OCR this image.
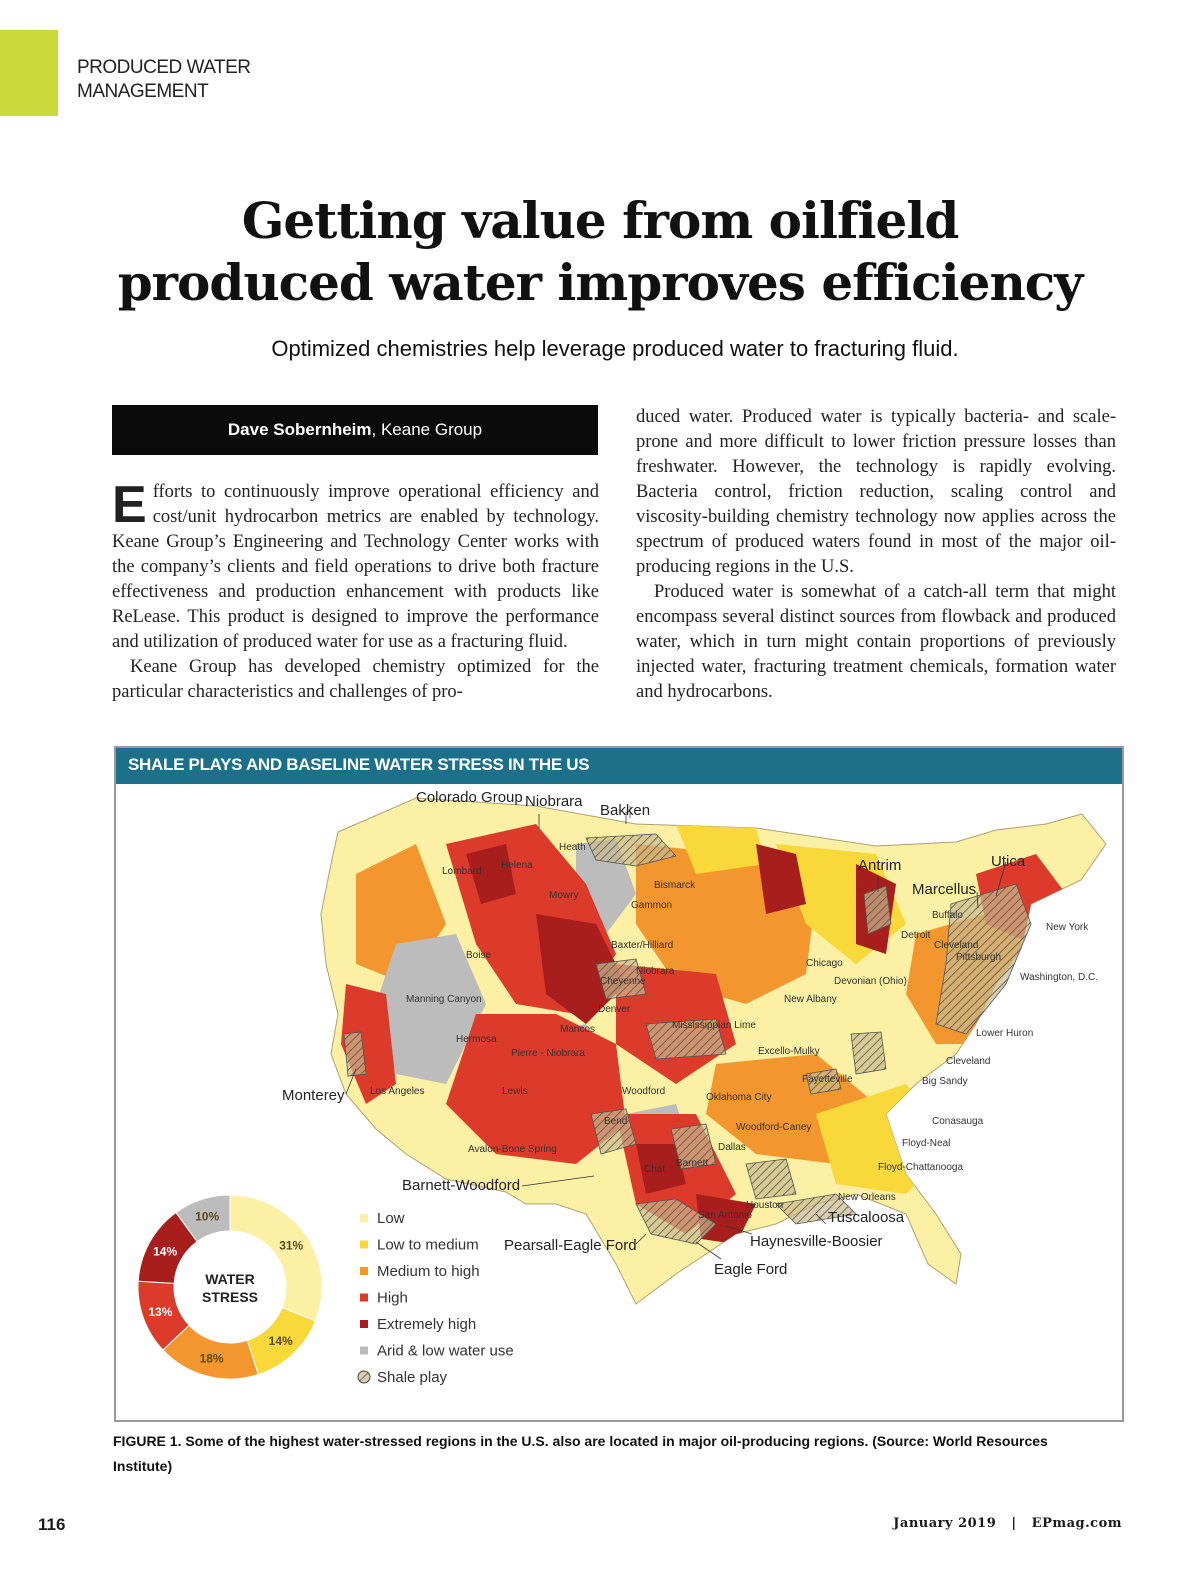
PRODUCED WATER
MANAGEMENT
Getting value from oilfield
produced water improves efficiency
Optimized chemistries help leverage produced water to fracturing fluid.
Dave Sobernheim, Keane Group

Efforts to continuously improve operational efficiency and cost/unit hydrocarbon metrics are enabled by technology. Keane Group’s Engineering and Technology Center works with the company’s clients and field operations to drive both fracture effectiveness and production enhancement with products like ReLease. This product is designed to improve the performance and utilization of produced water for use as a fracturing fluid.

Keane Group has developed chemistry optimized for the particular characteristics and challenges of pro-

duced water. Produced water is typically bacteria- and scale-prone and more difficult to lower friction pressure losses than freshwater. However, the technology is rapidly evolving. Bacteria control, friction reduction, scaling control and viscosity-building chemistry technology now applies across the spectrum of produced waters found in most of the major oil-producing regions in the U.S.

Produced water is somewhat of a catch-all term that might encompass several distinct sources from flowback and produced water, which in turn might contain proportions of previously injected water, fracturing treatment chemicals, formation water and hydrocarbons.

SHALE PLAYS AND BASELINE WATER STRESS IN THE US
Colorado Group Niobrara
Bakken
Antrim	Utica
Marcellus
Monterey
Barnett-Woodford
Pearsall-Eagle Ford
Tuscaloosa
Haynesville-Boosier
Eagle Ford
Heath
Lombard
Helena
Bismarck
Mowry
Gammon
Baxter/Hilliard
Niobrara
Cheyenne
Boise
Manning Canyon
Denver
Mancos
Hermosa
Pierre - Niobrara
Lewis
Los Angeles
Avalon-Bone Spring
Woodford
Bend
Barnett
Dallas
Oklahoma City
Woodford-Caney
Fayetteville
Excello-Mulky
Mississippian Lime
New Albany
Devonian (Ohio)
Chicago
Detroit
Buffalo
Cleveland
Pittsburgh
New York
Washington, D.C.
Lower Huron
Cleveland
Big Sandy
Conasauga
Floyd-Neal
Floyd-Chattanooga
New Orleans
Houston
San Antonio
Chat
WATER
STRESS
31%
14%
18%
13%
14%
10%	Low
Low to medium
Medium to high
High
Extremely high
Arid & low water use
Shale play
FIGURE 1. Some of the highest water-stressed regions in the U.S. also are located in major oil-producing regions. (Source: World Resources Institute)
116	January 2019 | EPmag.com
